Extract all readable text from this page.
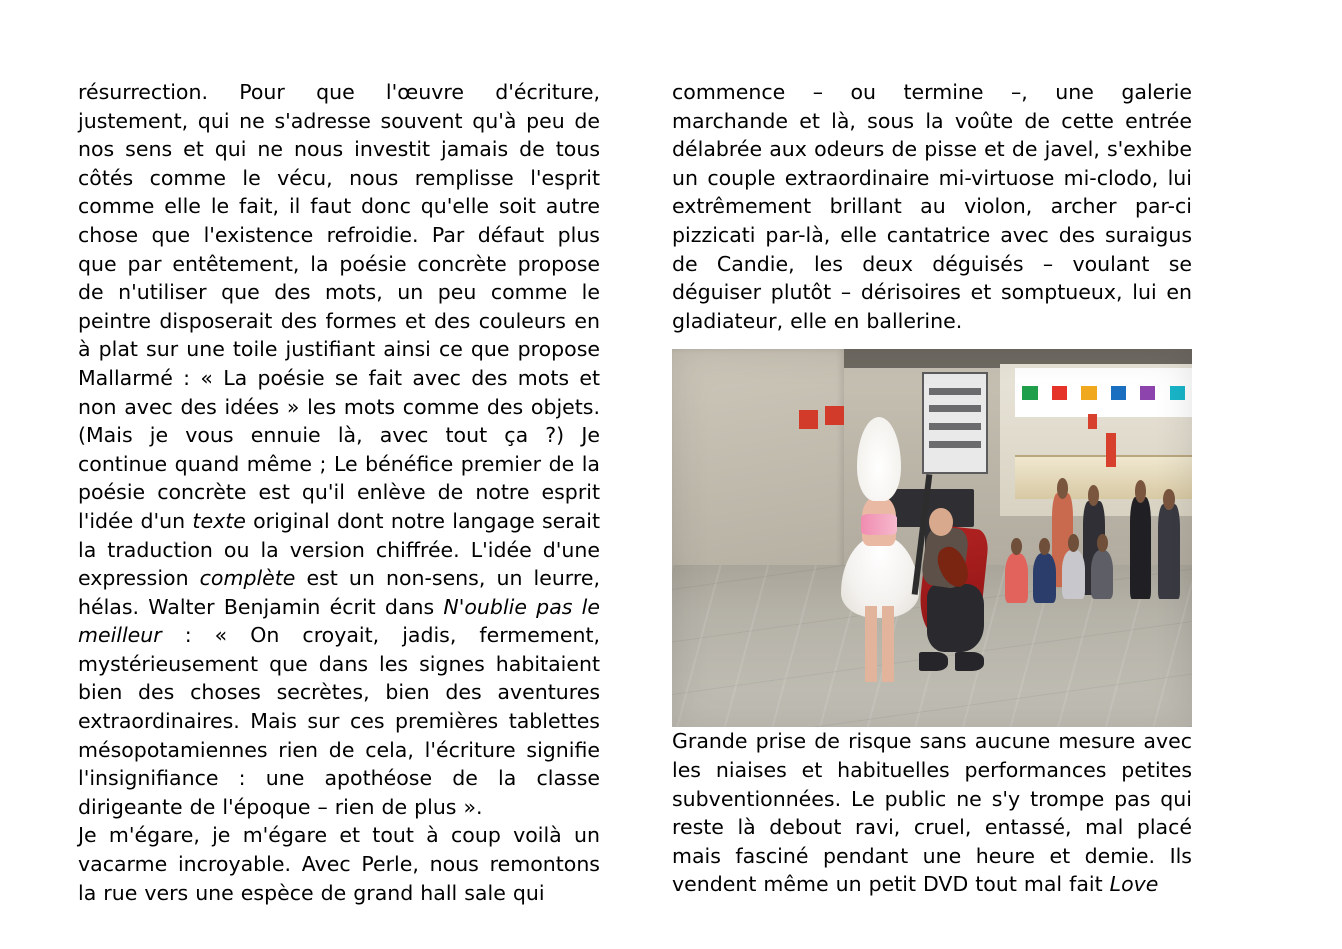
résurrection. Pour que l'œuvre d'écriture, justement, qui ne s'adresse souvent qu'à peu de nos sens et qui ne nous investit jamais de tous côtés comme le vécu, nous remplisse l'esprit comme elle le fait, il faut donc qu'elle soit autre chose que l'existence refroidie. Par défaut plus que par entêtement, la poésie concrète propose de n'utiliser que des mots, un peu comme le peintre disposerait des formes et des couleurs en à plat sur une toile justifiant ainsi ce que propose Mallarmé : « La poésie se fait avec des mots et non avec des idées » les mots comme des objets. (Mais je vous ennuie là, avec tout ça ?) Je continue quand même ; Le bénéfice premier de la poésie concrète est qu'il enlève de notre esprit l'idée d'un texte original dont notre langage serait la traduction ou la version chiffrée. L'idée d'une expression complète est un non-sens, un leurre, hélas. Walter Benjamin écrit dans N'oublie pas le meilleur : « On croyait, jadis, fermement, mystérieusement que dans les signes habitaient bien des choses secrètes, bien des aventures extraordinaires. Mais sur ces premières tablettes mésopotamiennes rien de cela, l'écriture signifie l'insignifiance : une apothéose de la classe dirigeante de l'époque – rien de plus ».

Je m'égare, je m'égare et tout à coup voilà un vacarme incroyable. Avec Perle, nous remontons la rue vers une espèce de grand hall sale qui

commence – ou termine –, une galerie marchande et là, sous la voûte de cette entrée délabrée aux odeurs de pisse et de javel, s'exhibe un couple extraordinaire mi-virtuose mi-clodo, lui extrêmement brillant au violon, archer par-ci pizzicati par-là, elle cantatrice avec des suraigus de Candie, les deux déguisés – voulant se déguiser plutôt – dérisoires et somptueux, lui en gladiateur, elle en ballerine.

Grande prise de risque sans aucune mesure avec les niaises et habituelles performances petites subventionnées. Le public ne s'y trompe pas qui reste là debout ravi, cruel, entassé, mal placé mais fasciné pendant une heure et demie. Ils vendent même un petit DVD tout mal fait Love
